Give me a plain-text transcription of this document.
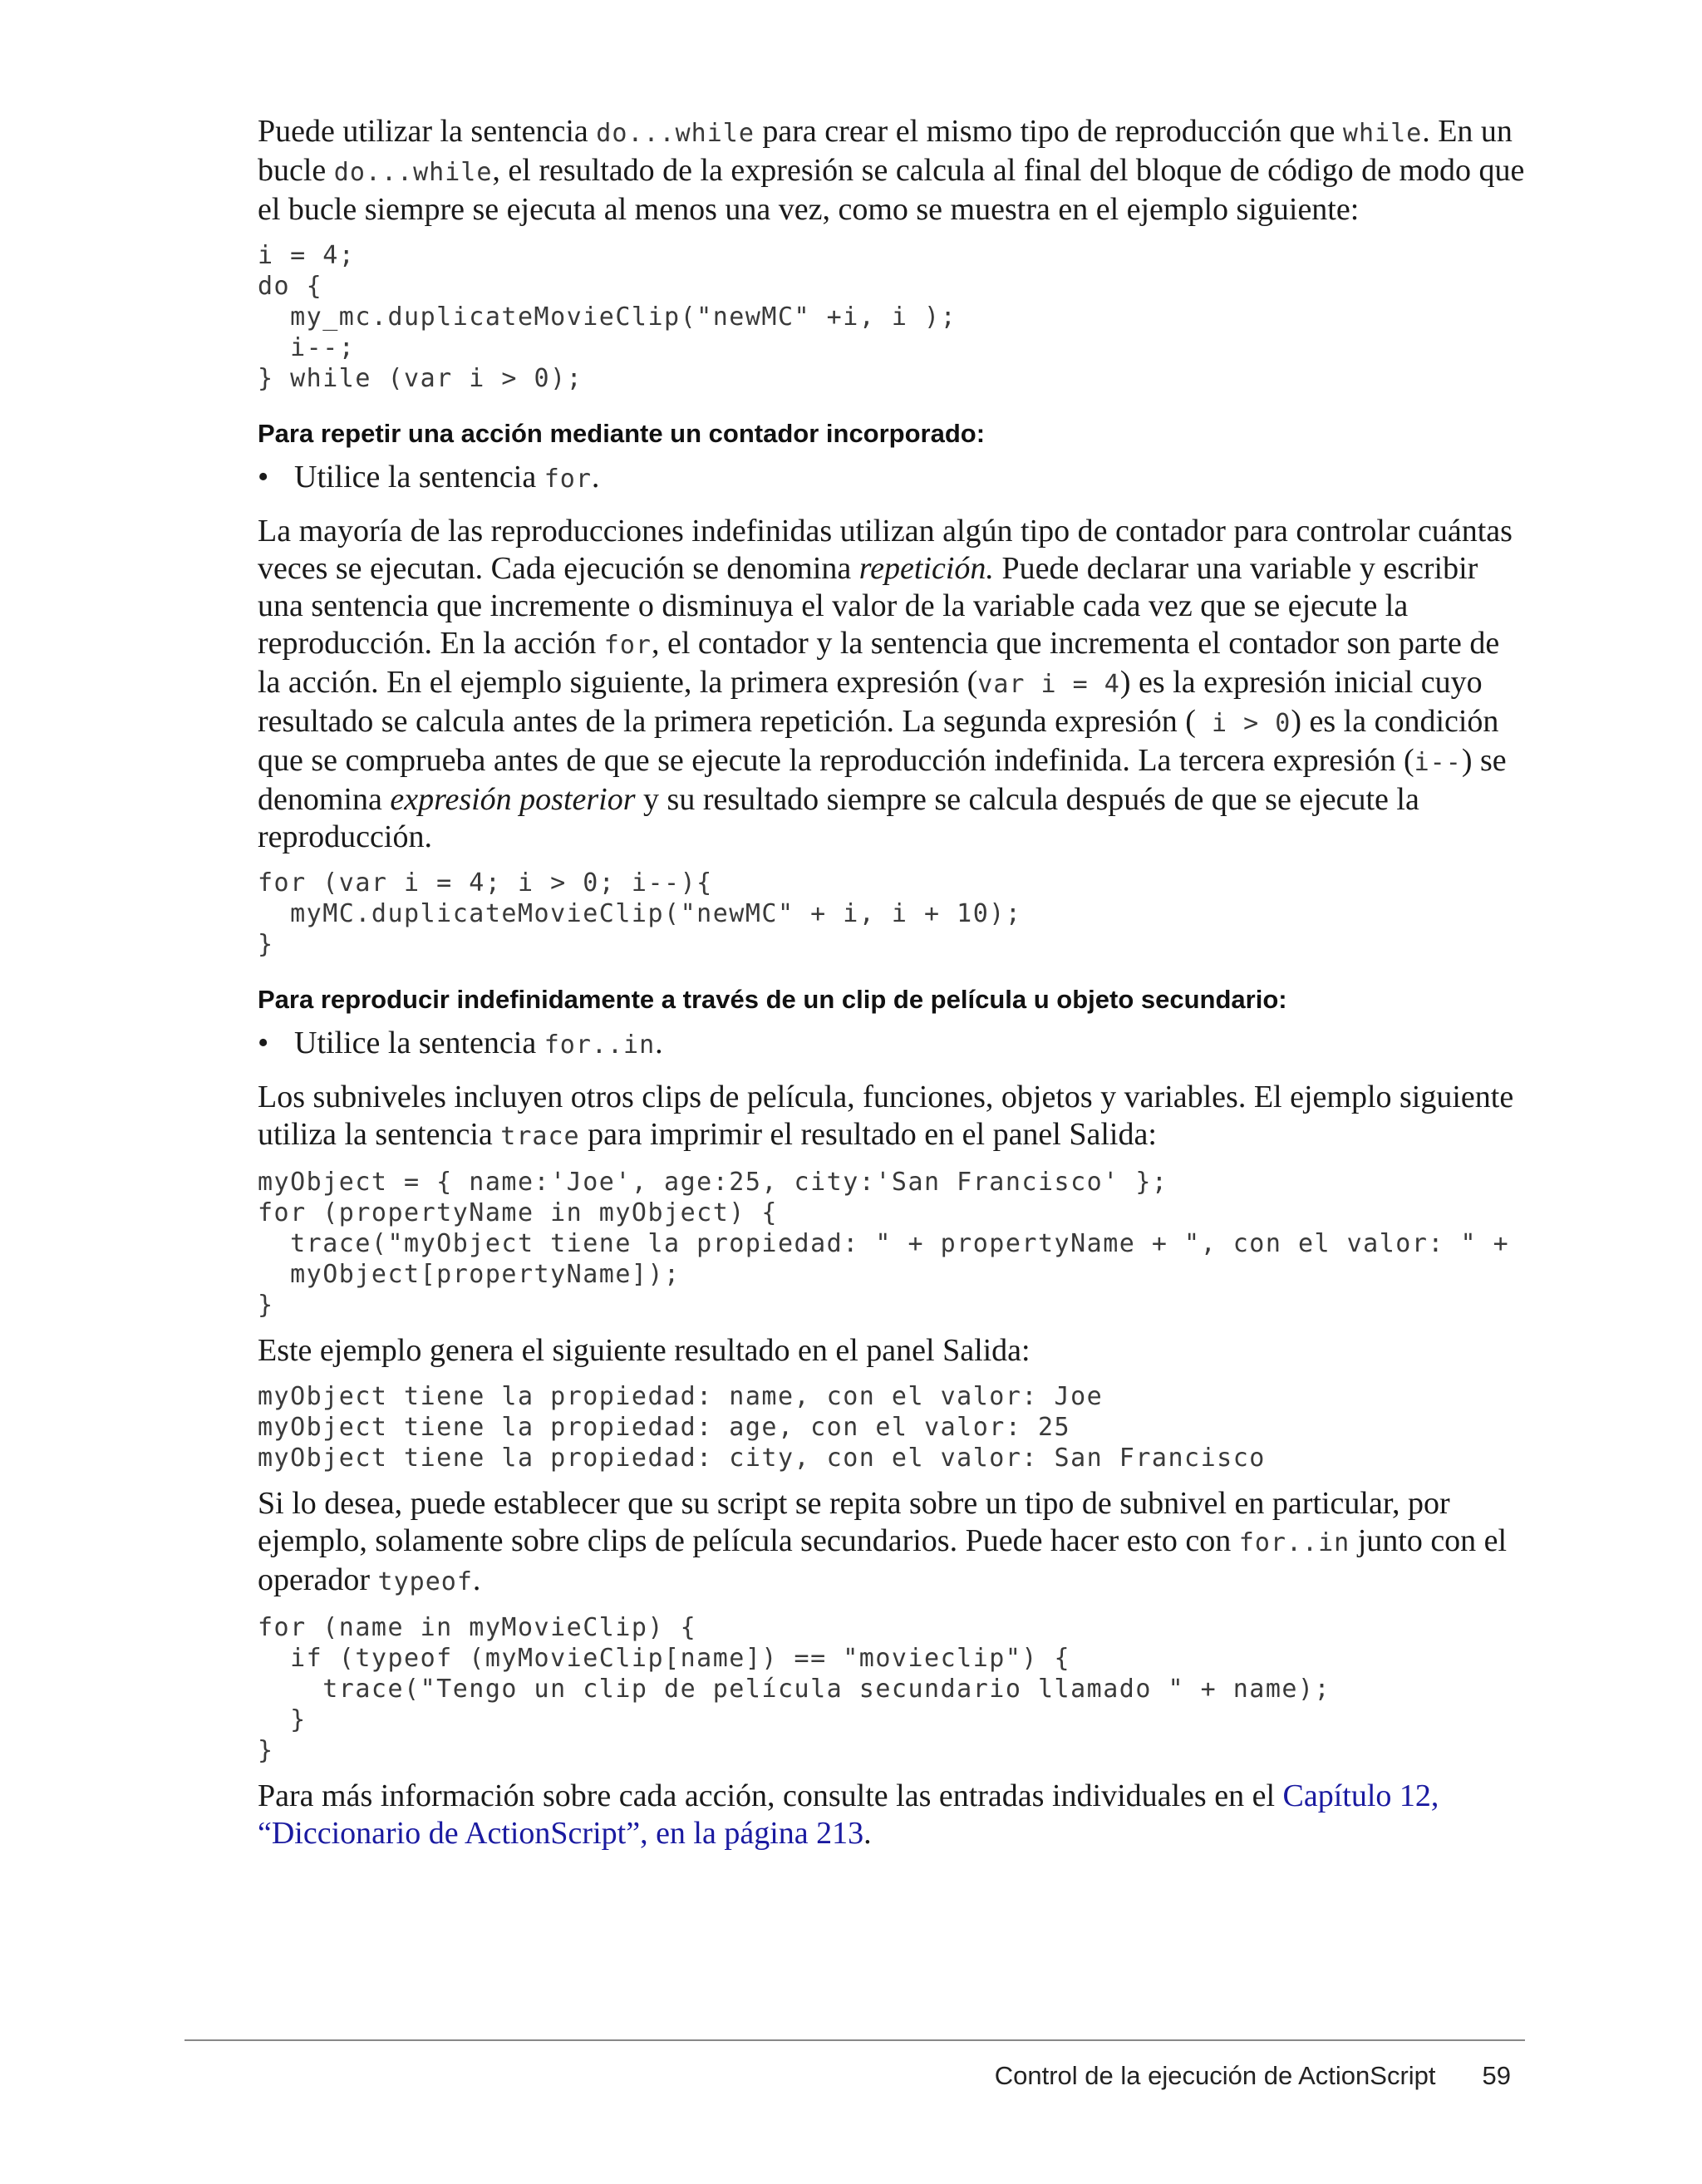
Puede utilizar la sentencia do...while para crear el mismo tipo de reproducción que while. En un bucle do...while, el resultado de la expresión se calcula al final del bloque de código de modo que el bucle siempre se ejecuta al menos una vez, como se muestra en el ejemplo siguiente:

i = 4;
do {
my_mc.duplicateMovieClip("newMC" +i, i );
i--;
} while (var i > 0);
Para repetir una acción mediante un contador incorporado:
• Utilice la sentencia for.

La mayoría de las reproducciones indefinidas utilizan algún tipo de contador para controlar cuántas veces se ejecutan. Cada ejecución se denomina repetición. Puede declarar una variable y escribir una sentencia que incremente o disminuya el valor de la variable cada vez que se ejecute la reproducción. En la acción for, el contador y la sentencia que incrementa el contador son parte de la acción. En el ejemplo siguiente, la primera expresión (var i = 4) es la expresión inicial cuyo resultado se calcula antes de la primera repetición. La segunda expresión ( i > 0) es la condición que se comprueba antes de que se ejecute la reproducción indefinida. La tercera expresión (i--) se denomina expresión posterior y su resultado siempre se calcula después de que se ejecute la reproducción.

for (var i = 4; i > 0; i--){
myMC.duplicateMovieClip("newMC" + i, i + 10);
}
Para reproducir indefinidamente a través de un clip de película u objeto secundario:
• Utilice la sentencia for..in.

Los subniveles incluyen otros clips de película, funciones, objetos y variables. El ejemplo siguiente utiliza la sentencia trace para imprimir el resultado en el panel Salida:

myObject = { name:'Joe', age:25, city:'San Francisco' };
for (propertyName in myObject) {
trace("myObject tiene la propiedad: " + propertyName + ", con el valor: " +
myObject[propertyName]);
}

Este ejemplo genera el siguiente resultado en el panel Salida:

myObject tiene la propiedad: name, con el valor: Joe
myObject tiene la propiedad: age, con el valor: 25
myObject tiene la propiedad: city, con el valor: San Francisco

Si lo desea, puede establecer que su script se repita sobre un tipo de subnivel en particular, por ejemplo, solamente sobre clips de película secundarios. Puede hacer esto con for..in junto con el operador typeof.

for (name in myMovieClip) {
if (typeof (myMovieClip[name]) == "movieclip") {
trace("Tengo un clip de película secundario llamado " + name);
}
}

Para más información sobre cada acción, consulte las entradas individuales en el Capítulo 12, “Diccionario de ActionScript”, en la página 213.

Control de la ejecución de ActionScript 59
